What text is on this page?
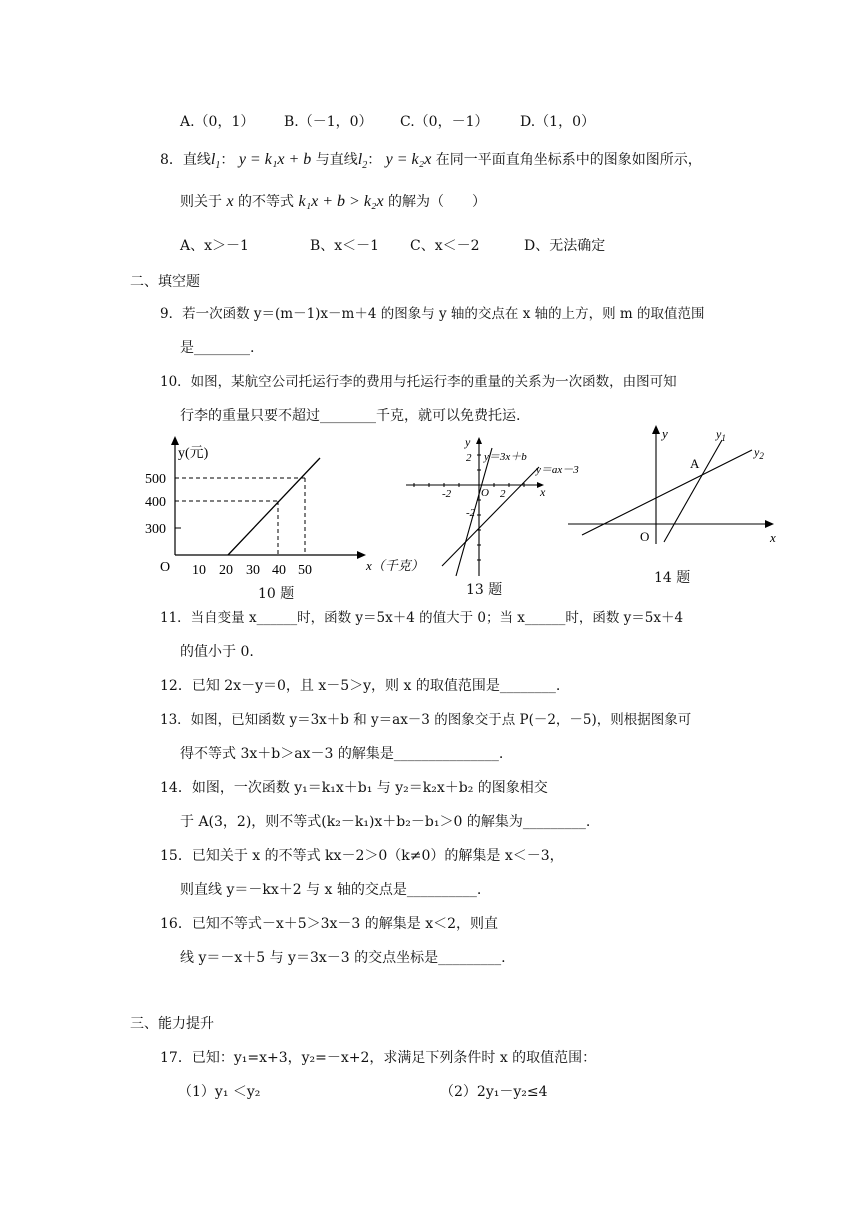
A.（0，1） B.（－1，0） C.（0，－1） D.（1，0）
8．直线$l_1$： y = k₁x + b 与直线$l_2$： y = k₂x 在同一平面直角坐标系中的图象如图所示，
则关于 x 的不等式 k₁x + b > k₂x 的解为（　　）
A、x＞－1	B、x＜－1 C、x＜－2	D、无法确定
二、填空题
9．若一次函数 y＝(m－1)x－m＋4 的图象与 y 轴的交点在 x 轴的上方，则 m 的取值范围
是________.
10．如图，某航空公司托运行李的费用与托运行李的重量的关系为一次函数，由图可知
行李的重量只要不超过________千克，就可以免费托运.
y(元)
500
400
300
O 10 20 30 40 50	x（千克）
10 题
y
2 y＝3x＋b
y＝ax－3
-2	O 2
-2
x
13 题
y	$y_1$
$y_2$
A
O	x
14 题
11．当自变量 x______时，函数 y＝5x＋4 的值大于 0；当 x______时，函数 y＝5x＋4
的值小于 0.
12．已知 2x－y＝0，且 x－5＞y，则 x 的取值范围是________.
13．如图，已知函数 y＝3x＋b 和 y＝ax－3 的图象交于点 P(－2，－5)，则根据图象可
得不等式 3x＋b＞ax－3 的解集是_______________.
14．如图，一次函数 y₁＝k₁x＋b₁ 与 y₂＝k₂x＋b₂ 的图象相交
于 A(3，2)，则不等式(k₂－k₁)x＋b₂－b₁＞0 的解集为_________.
15．已知关于 x 的不等式 kx－2＞0（k≠0）的解集是 x＜－3，
则直线 y＝－kx＋2 与 x 轴的交点是__________.
16．已知不等式－x＋5＞3x－3 的解集是 x＜2，则直
线 y＝－x＋5 与 y＝3x－3 的交点坐标是_________.
三、能力提升
17．已知：y₁=x+3，y₂=－x+2，求满足下列条件时 x 的取值范围：
（1）y₁ ＜y₂	（2）2y₁－y₂≤4
